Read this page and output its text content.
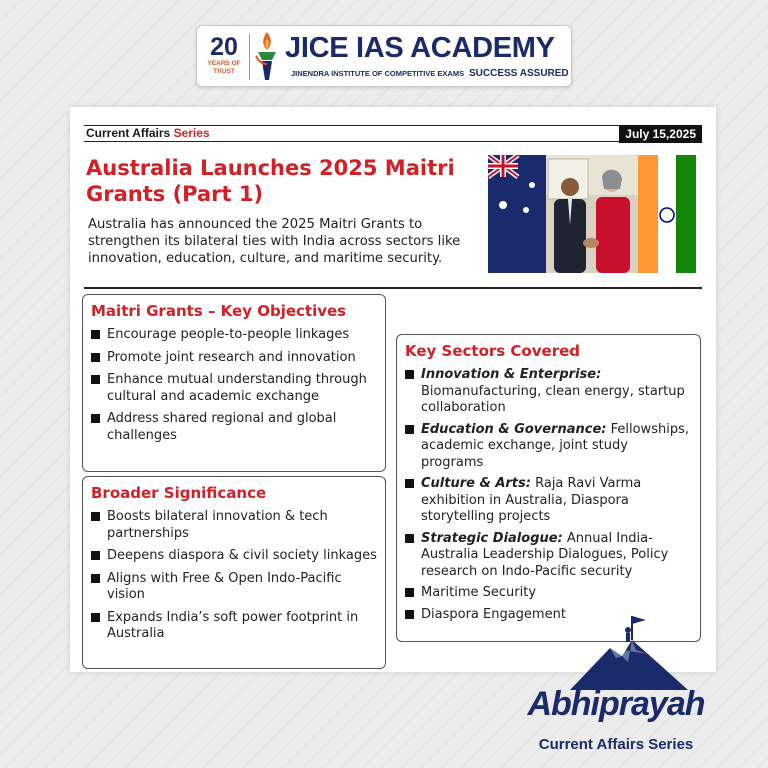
20
YEARS OF TRUST
JICE IAS ACADEMY
JINENDRA INSTITUTE OF COMPETITIVE EXAMS SUCCESS ASSURED
Current Affairs Series	July 15,2025
Australia Launches 2025 Maitri Grants (Part 1)
Australia has announced the 2025 Maitri Grants to strengthen its bilateral ties with India across sectors like innovation, education, culture, and maritime security.
Maitri Grants – Key Objectives
Encourage people-to-people linkages
Promote joint research and innovation
Enhance mutual understanding through cultural and academic exchange
Address shared regional and global challenges
Broader Significance
Boosts bilateral innovation & tech partnerships
Deepens diaspora & civil society linkages
Aligns with Free & Open Indo-Pacific vision
Expands India’s soft power footprint in Australia
Key Sectors Covered
Innovation & Enterprise: Biomanufacturing, clean energy, startup collaboration
Education & Governance: Fellowships, academic exchange, joint study programs
Culture & Arts: Raja Ravi Varma exhibition in Australia, Diaspora storytelling projects
Strategic Dialogue: Annual India-Australia Leadership Dialogues, Policy research on Indo-Pacific security
Maritime Security
Diaspora Engagement
Abhiprayah
Current Affairs Series
